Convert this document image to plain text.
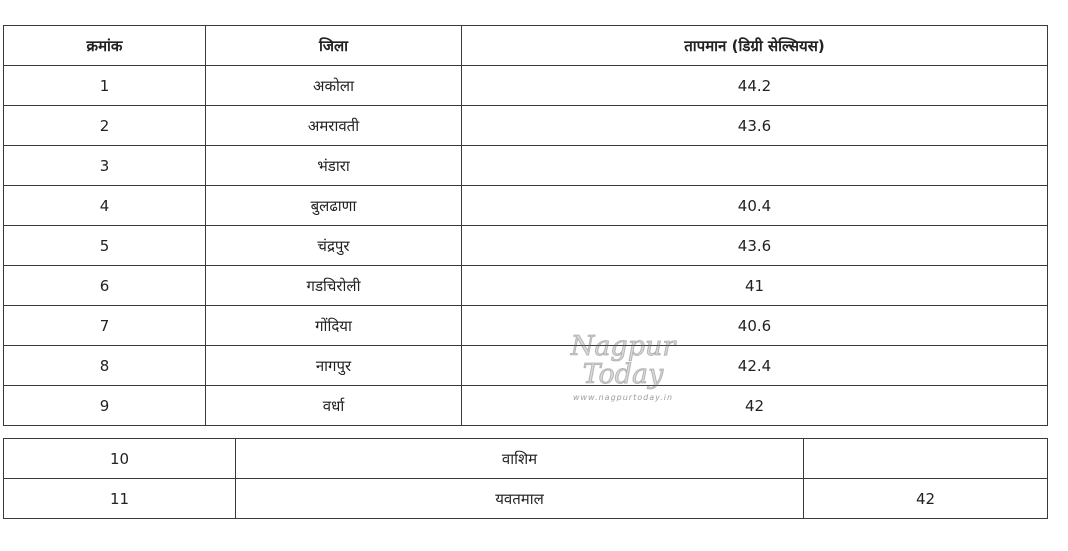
क्रमांक	जिला	तापमान (डिग्री सेल्सियस)
1	अकोला	44.2
2	अमरावती	43.6
3	भंडारा	
4	बुलढाणा	40.4
5	चंद्रपुर	43.6
6	गडचिरोली	41
7	गोंदिया	40.6
8	नागपुर	42.4
9	वर्धा	42
10	वाशिम	
11	यवतमाल	42
Nagpur Today
www.nagpurtoday.in
